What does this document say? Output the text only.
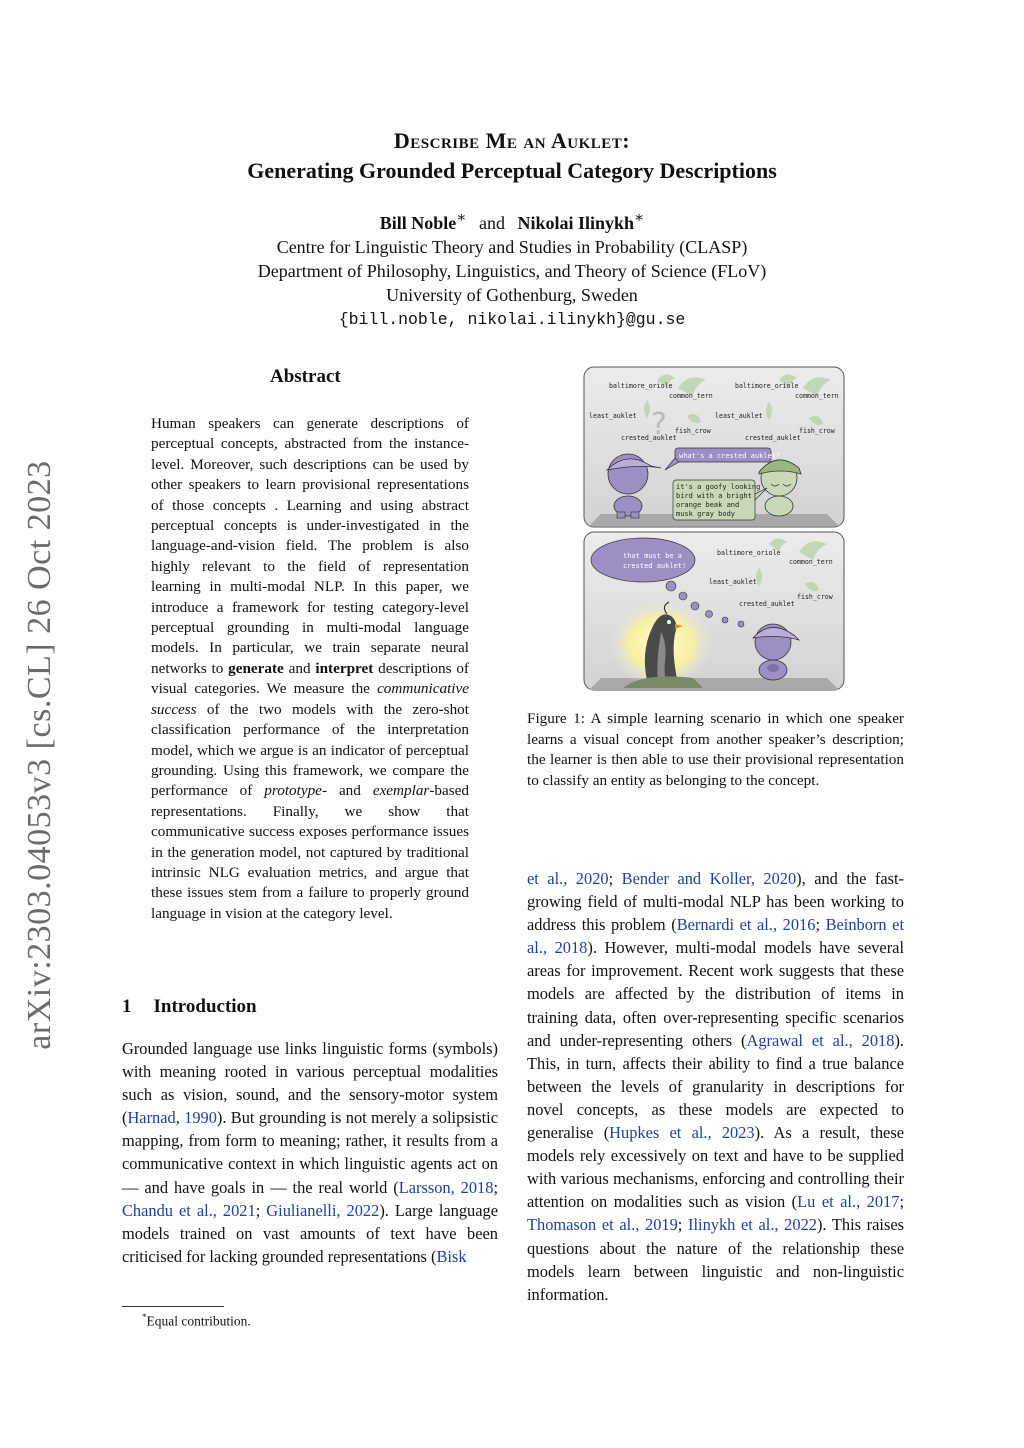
arXiv:2303.04053v3 [cs.CL] 26 Oct 2023
Describe Me an Auklet:
Generating Grounded Perceptual Category Descriptions
Bill Noble∗ and Nikolai Ilinykh∗
Centre for Linguistic Theory and Studies in Probability (CLASP)
Department of Philosophy, Linguistics, and Theory of Science (FLoV)
University of Gothenburg, Sweden
{bill.noble, nikolai.ilinykh}@gu.se
Abstract

Human speakers can generate descriptions of perceptual concepts, abstracted from the instance-level. Moreover, such descriptions can be used by other speakers to learn provisional representations of those concepts . Learning and using abstract perceptual concepts is under-investigated in the language-and-vision field. The problem is also highly relevant to the field of representation learning in multi-modal NLP. In this paper, we introduce a framework for testing category-level perceptual grounding in multi-modal language models. In particular, we train separate neural networks to generate and interpret descriptions of visual categories. We measure the communicative success of the two models with the zero-shot classification performance of the interpretation model, which we argue is an indicator of perceptual grounding. Using this framework, we compare the performance of prototype- and exemplar-based representations. Finally, we show that communicative success exposes performance issues in the generation model, not captured by traditional intrinsic NLG evaluation metrics, and argue that these issues stem from a failure to properly ground language in vision at the category level.

1 Introduction

Grounded language use links linguistic forms (symbols) with meaning rooted in various perceptual modalities such as vision, sound, and the sensory-motor system (Harnad, 1990). But grounding is not merely a solipsistic mapping, from form to meaning; rather, it results from a communicative context in which linguistic agents act on — and have goals in — the real world (Larsson, 2018; Chandu et al., 2021; Giulianelli, 2022). Large language models trained on vast amounts of text have been criticised for lacking grounded representations (Bisk

*Equal contribution.
?
baltimore_oriole
common_tern
least_auklet
fish_crow
crested_auklet
baltimore_oriole
common_tern
least_auklet
fish_crow
crested_auklet
what's a crested auklet?
it's a goofy looking
bird with a bright
orange beak and
musk gray body
baltimore_oriole
common_tern
least_auklet
fish_crow
crested_auklet
that must be a
crested auklet!

Figure 1: A simple learning scenario in which one speaker learns a visual concept from another speaker’s description; the learner is then able to use their provisional representation to classify an entity as belonging to the concept.

et al., 2020; Bender and Koller, 2020), and the fast-growing field of multi-modal NLP has been working to address this problem (Bernardi et al., 2016; Beinborn et al., 2018). However, multi-modal models have several areas for improvement. Recent work suggests that these models are affected by the distribution of items in training data, often over-representing specific scenarios and under-representing others (Agrawal et al., 2018). This, in turn, affects their ability to find a true balance between the levels of granularity in descriptions for novel concepts, as these models are expected to generalise (Hupkes et al., 2023). As a result, these models rely excessively on text and have to be supplied with various mechanisms, enforcing and controlling their attention on modalities such as vision (Lu et al., 2017; Thomason et al., 2019; Ilinykh et al., 2022). This raises questions about the nature of the relationship these models learn between linguistic and non-linguistic information.
